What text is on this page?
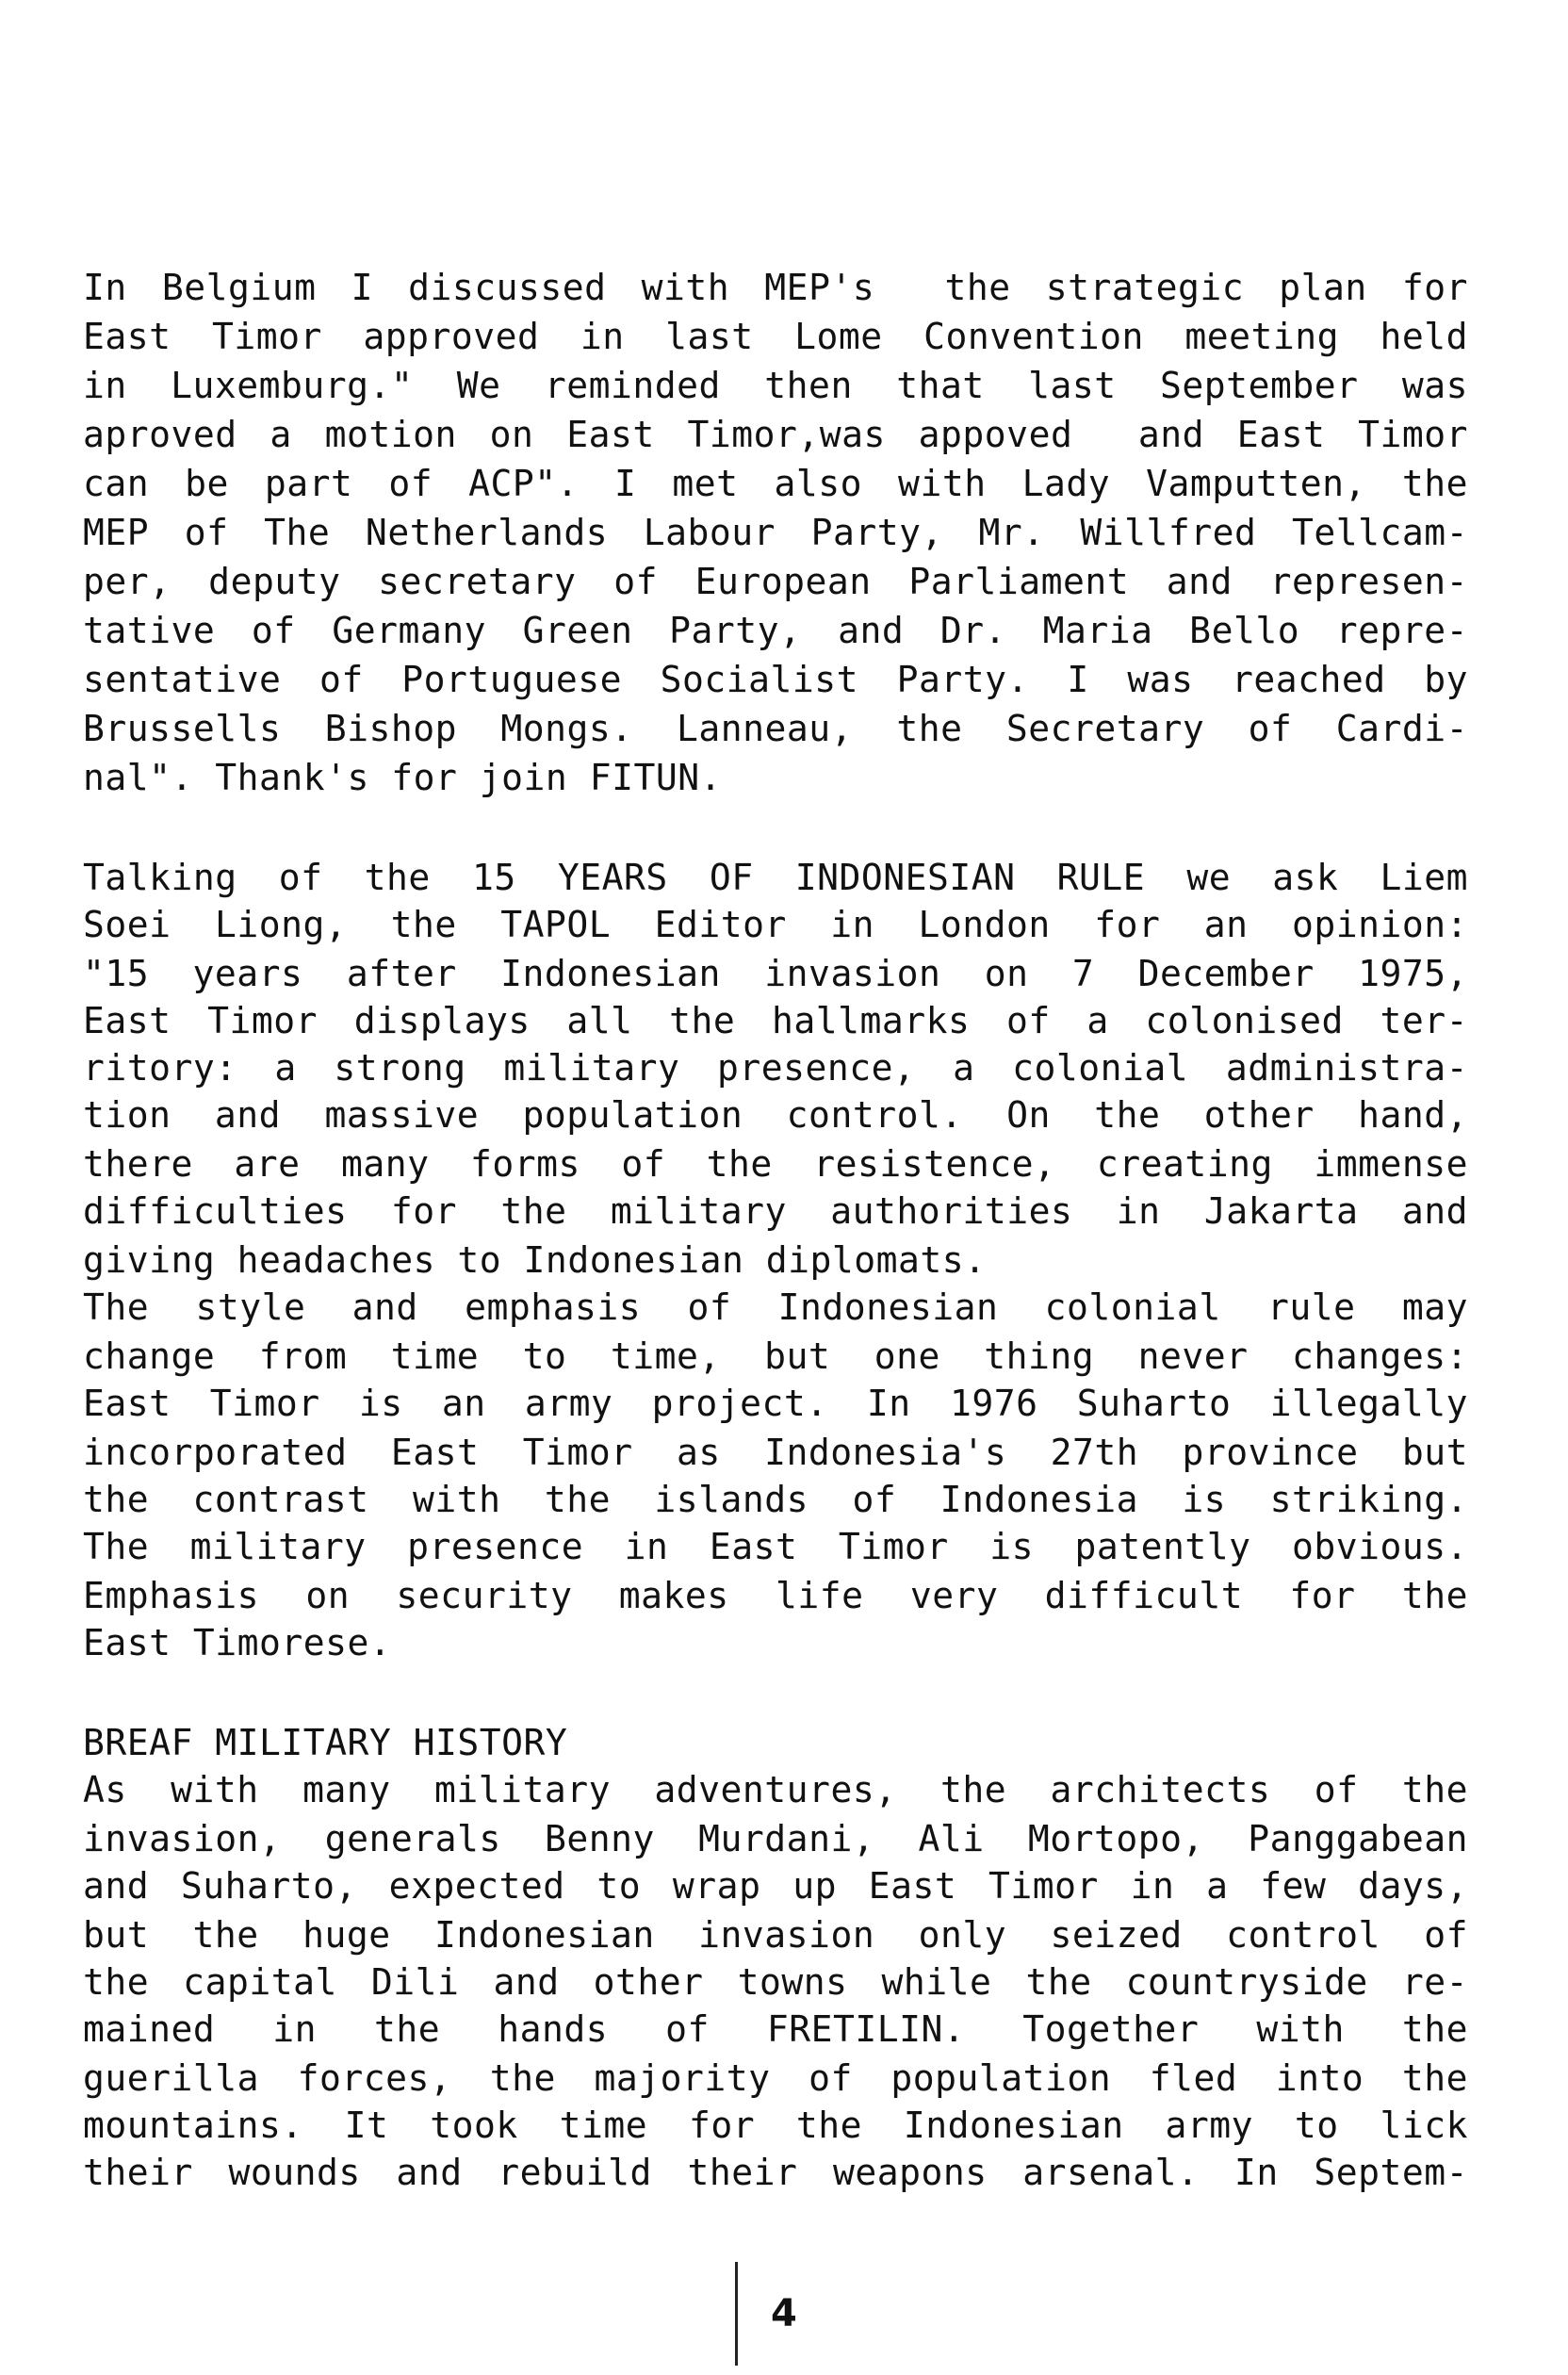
In Belgium I discussed with MEP's  the strategic plan for
East Timor approved in last Lome Convention meeting held
in Luxemburg." We reminded then that last September was
aproved a motion on East Timor,was appoved  and East Timor
can be part of ACP". I met also with Lady Vamputten, the
MEP of The Netherlands Labour Party, Mr. Willfred Tellcam-
per, deputy secretary of European Parliament and represen-
tative of Germany Green Party, and Dr. Maria Bello repre-
sentative of Portuguese Socialist Party. I was reached by
Brussells Bishop Mongs. Lanneau, the Secretary of Cardi-
nal". Thank's for join FITUN.
Talking of the 15 YEARS OF INDONESIAN RULE we ask Liem
Soei Liong, the TAPOL Editor in London for an opinion:
"15 years after Indonesian invasion on 7 December 1975,
East Timor displays all the hallmarks of a colonised ter-
ritory: a strong military presence, a colonial administra-
tion and massive population control. On the other hand,
there are many forms of the resistence, creating immense
difficulties for the military authorities in Jakarta and
giving headaches to Indonesian diplomats.
The style and emphasis of Indonesian colonial rule may
change from time to time, but one thing never changes:
East Timor is an army project. In 1976 Suharto illegally
incorporated East Timor as Indonesia's 27th province but
the contrast with the islands of Indonesia is striking.
The military presence in East Timor is patently obvious.
Emphasis on security makes life very difficult for the
East Timorese.
BREAF MILITARY HISTORY
As with many military adventures, the architects of the
invasion, generals Benny Murdani, Ali Mortopo, Panggabean
and Suharto, expected to wrap up East Timor in a few days,
but the huge Indonesian invasion only seized control of
the capital Dili and other towns while the countryside re-
mained in the hands of FRETILIN. Together with the
guerilla forces, the majority of population fled into the
mountains. It took time for the Indonesian army to lick
their wounds and rebuild their weapons arsenal. In Septem-
4
